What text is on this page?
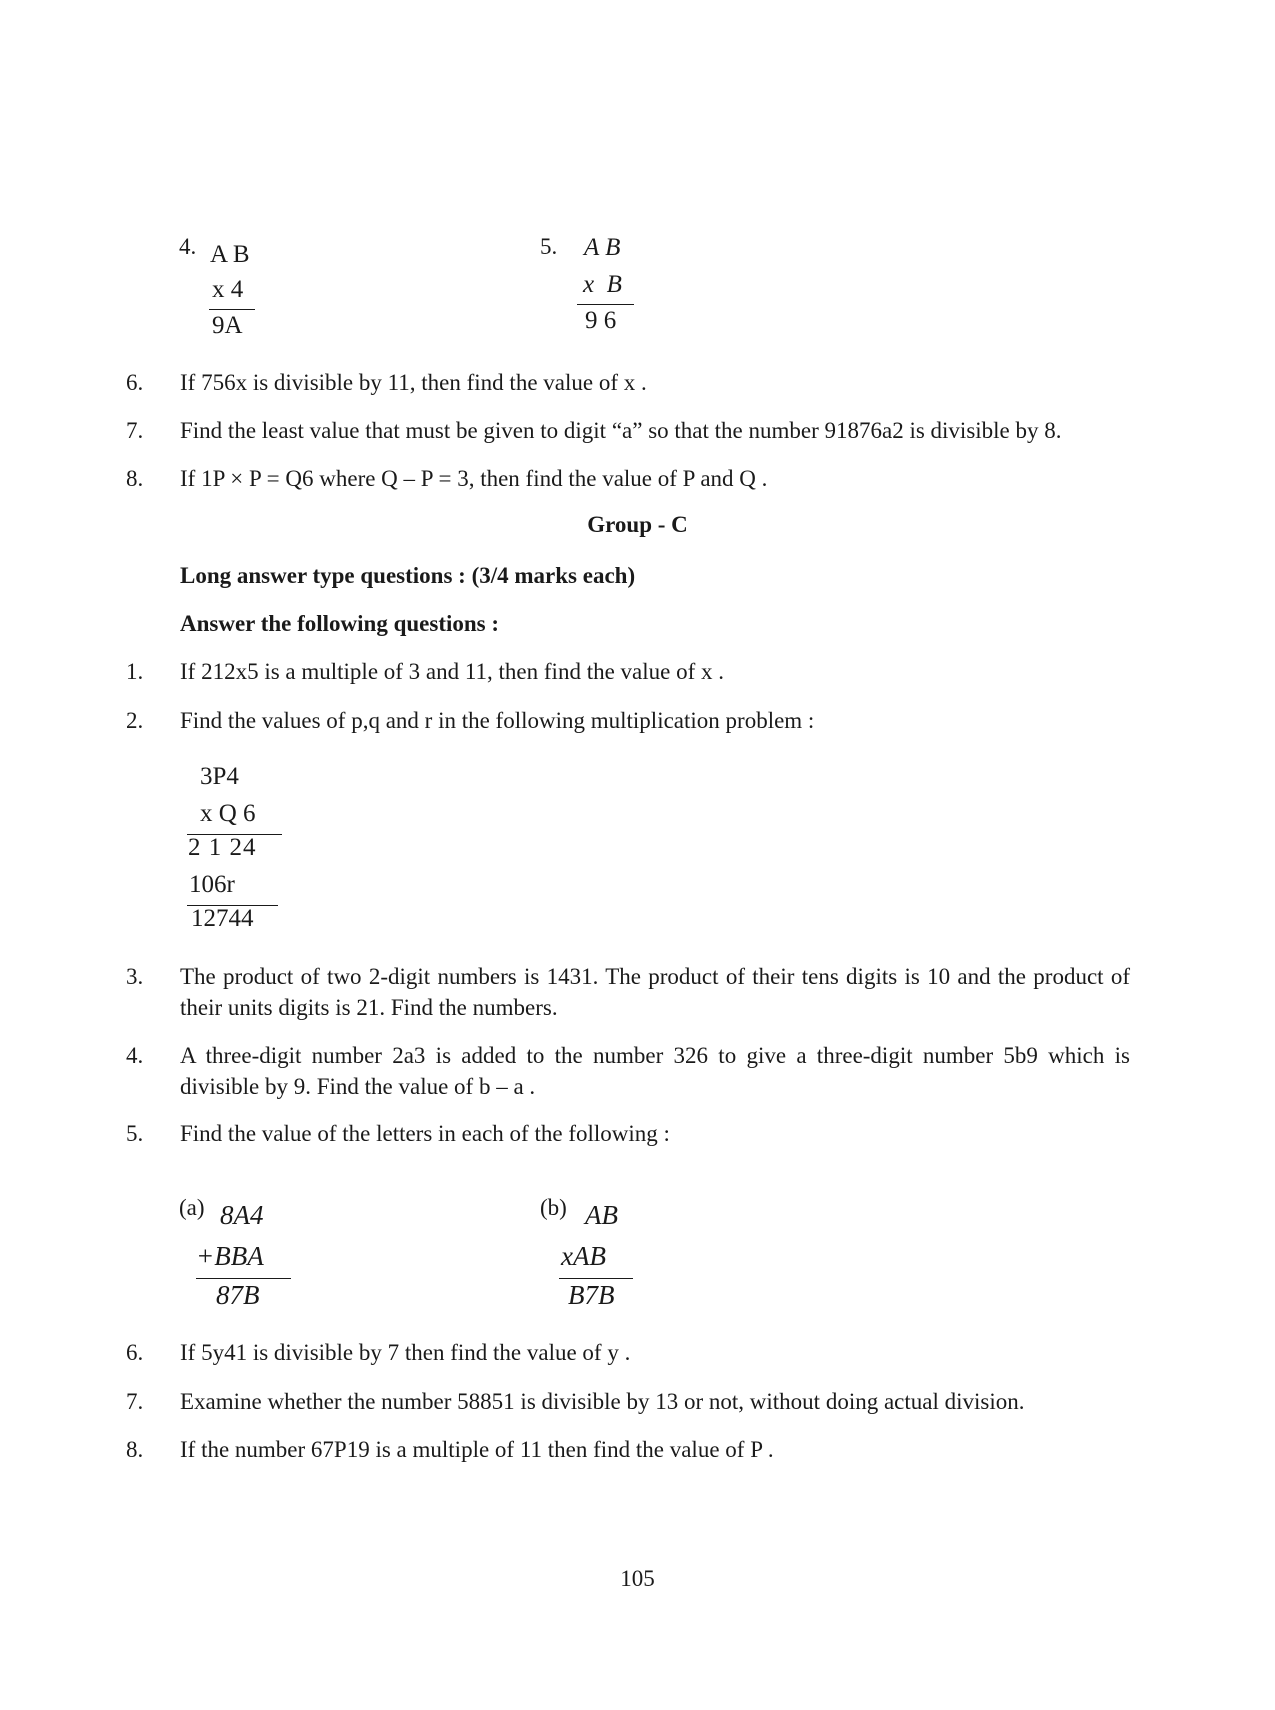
4. A B
x 4
9A
5. A B
x  B
9 6
6.	If 756x is divisible by 11, then find the value of x .
7.	Find the least value that must be given to digit “a” so that the number 91876a2 is divisible by 8.
8.	If 1P × P = Q6 where Q – P = 3, then find the value of P and Q .
Group - C
Long answer type questions : (3/4 marks each)
Answer the following questions :
1.	If 212x5 is a multiple of 3 and 11, then find the value of x .
2.	Find the values of p,q and r in the following multiplication problem :
3P4
x Q 6
2 1 24
106r
12744
3.	The product of two 2-digit numbers is 1431. The product of their tens digits is 10 and the product of their units digits is 21. Find the numbers.
4.	A three-digit number 2a3 is added to the number 326 to give a three-digit number 5b9 which is divisible by 9. Find the value of b – a .
5.	Find the value of the letters in each of the following :
(a) 8A4
+BBA
87B
(b) AB
xAB
B7B
6.	If 5y41 is divisible by 7 then find the value of y .
7.	Examine whether the number 58851 is divisible by 13 or not, without doing actual division.
8.	If the number 67P19 is a multiple of 11 then find the value of P .
105
